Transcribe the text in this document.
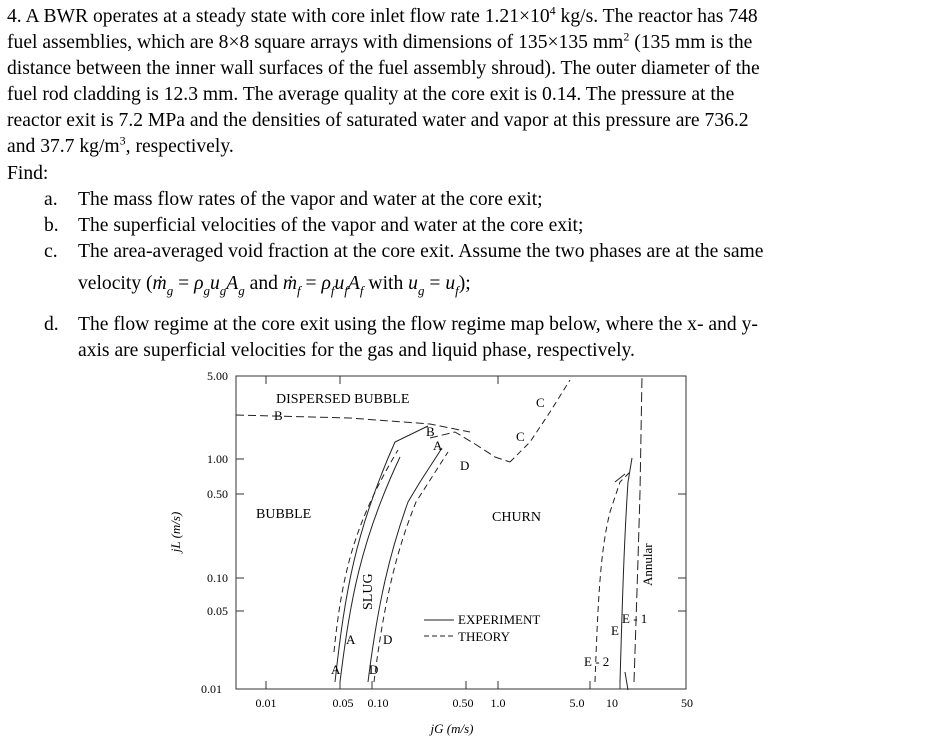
4. A BWR operates at a steady state with core inlet flow rate $1.21\times 10^4$ kg/s. The reactor has 748

fuel assemblies, which are 8×8 square arrays with dimensions of 135×135 $mm^2$ (135 mm is the

distance between the inner wall surfaces of the fuel assembly shroud). The outer diameter of the

fuel rod cladding is 12.3 mm. The average quality at the core exit is 0.14. The pressure at the

reactor exit is 7.2 MPa and the densities of saturated water and vapor at this pressure are 736.2

and 37.7 $kg/m^3$, respectively.

Find:
a.	The mass flow rates of the vapor and water at the core exit;
b. The superficial velocities of the vapor and water at the core exit;
c.	The area-averaged void fraction at the core exit. Assume the two phases are at the same
velocity (ṁ$_g$ = $\rho_gu_gA_g$ and ṁ$_f$ = $\rho_fu_fA_f$ with $u_g = u_f$);
d. The flow regime at the core exit using the flow regime map below, where the x- and y-
axis are superficial velocities for the gas and liquid phase, respectively.
5.00
1.00
0.50
0.10
0.05
0.01
0.01	0.05 0.10	0.50 1.0	5.0 10	50
jG (m/s)
jL (m/s)
DISPERSED BUBBLE
BUBBLE
SLUG
CHURN
Annular
B
B
A
D
C
C
A D
A D
E - 1
E
E - 2
EXPERIMENT
THEORY
